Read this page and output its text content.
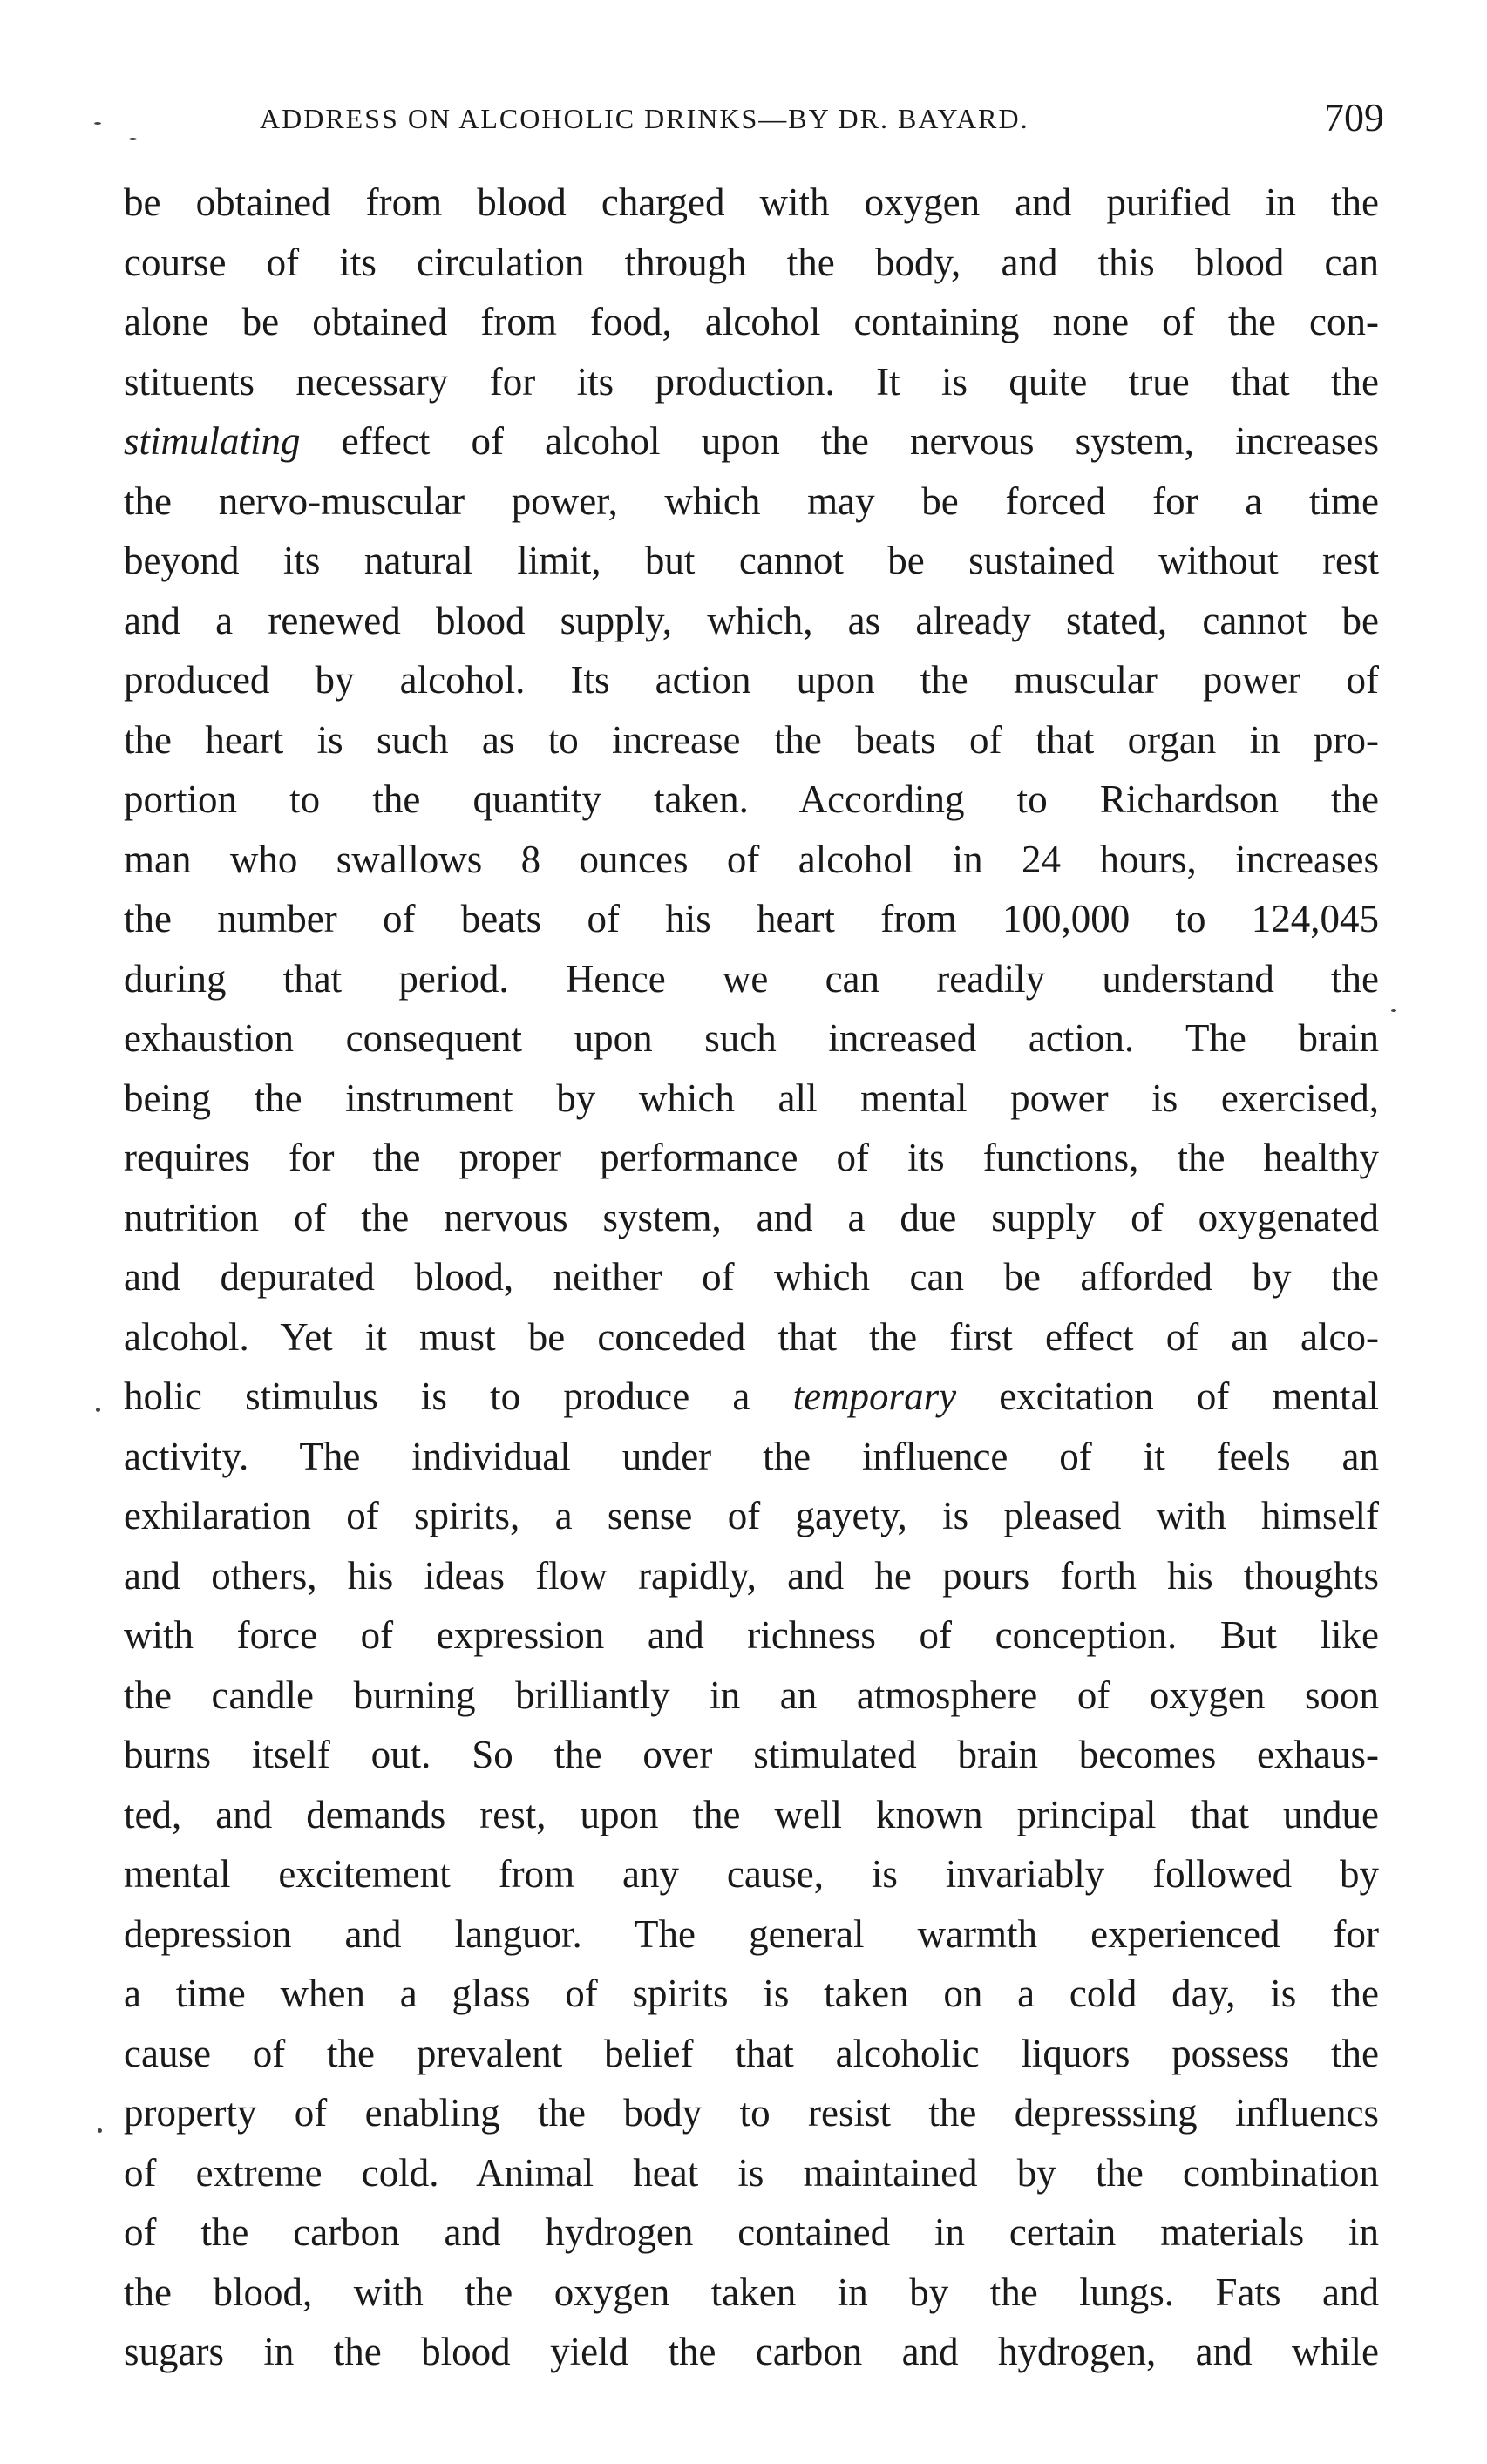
ADDRESS ON ALCOHOLIC DRINKS—BY DR. BAYARD.	709
be obtained from blood charged with oxygen and purified in the
course of its circulation through the body, and this blood can
alone be obtained from food, alcohol containing none of the con-
stituents necessary for its production. It is quite true that the
stimulating effect of alcohol upon the nervous system, increases
the nervo-muscular power, which may be forced for a time
beyond its natural limit, but cannot be sustained without rest
and a renewed blood supply, which, as already stated, cannot be
produced by alcohol. Its action upon the muscular power of
the heart is such as to increase the beats of that organ in pro-
portion to the quantity taken. According to Richardson the
man who swallows 8 ounces of alcohol in 24 hours, increases
the number of beats of his heart from 100,000 to 124,045
during that period. Hence we can readily understand the
exhaustion consequent upon such increased action. The brain
being the instrument by which all mental power is exercised,
requires for the proper performance of its functions, the healthy
nutrition of the nervous system, and a due supply of oxygenated
and depurated blood, neither of which can be afforded by the
alcohol. Yet it must be conceded that the first effect of an alco-
holic stimulus is to produce a temporary excitation of mental
activity. The individual under the influence of it feels an
exhilaration of spirits, a sense of gayety, is pleased with himself
and others, his ideas flow rapidly, and he pours forth his thoughts
with force of expression and richness of conception. But like
the candle burning brilliantly in an atmosphere of oxygen soon
burns itself out. So the over stimulated brain becomes exhaus-
ted, and demands rest, upon the well known principal that undue
mental excitement from any cause, is invariably followed by
depression and languor. The general warmth experienced for
a time when a glass of spirits is taken on a cold day, is the
cause of the prevalent belief that alcoholic liquors possess the
property of enabling the body to resist the depresssing influencs
of extreme cold. Animal heat is maintained by the combination
of the carbon and hydrogen contained in certain materials in
the blood, with the oxygen taken in by the lungs. Fats and
sugars in the blood yield the carbon and hydrogen, and while
